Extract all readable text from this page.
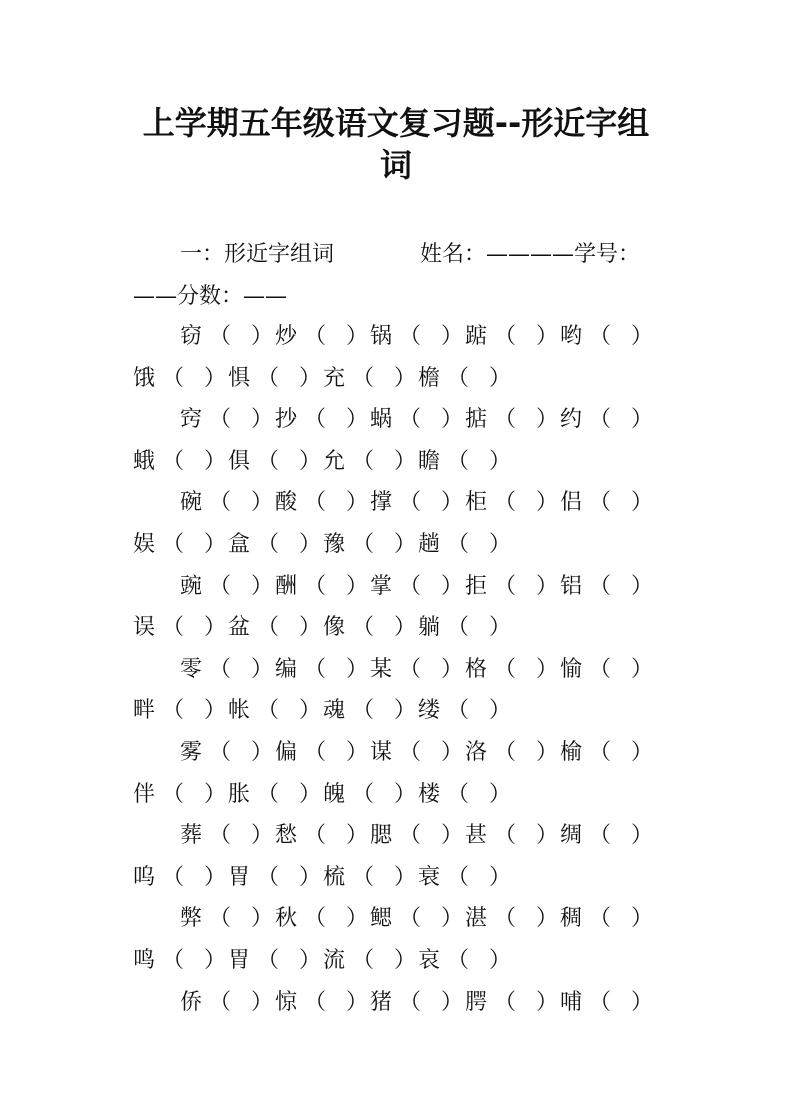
上学期五年级语文复习题--形近字组
词
一：形近字组词	姓名：————学号：
——分数：——
窃 （ ）炒 （ ）锅 （ ）踮 （ ）哟 （ ）
饿 （ ）惧 （ ）充 （ ）檐 （ ）
窍 （ ）抄 （ ）蜗 （ ）掂 （ ）约 （ ）
蛾 （ ）俱 （ ）允 （ ）瞻 （ ）
碗 （ ）酸 （ ）撑 （ ）柜 （ ）侣 （ ）
娱 （ ）盒 （ ）豫 （ ）趟 （ ）
豌 （ ）酬 （ ）掌 （ ）拒 （ ）铝 （ ）
误 （ ）盆 （ ）像 （ ）躺 （ ）
零 （ ）编 （ ）某 （ ）格 （ ）愉 （ ）
畔 （ ）帐 （ ）魂 （ ）缕 （ ）
雾 （ ）偏 （ ）谋 （ ）洛 （ ）榆 （ ）
伴 （ ）胀 （ ）魄 （ ）楼 （ ）
葬 （ ）愁 （ ）腮 （ ）甚 （ ）绸 （ ）
呜 （ ）胃 （ ）梳 （ ）衰 （ ）
弊 （ ）秋 （ ）鳃 （ ）湛 （ ）稠 （ ）
鸣 （ ）胃 （ ）流 （ ）哀 （ ）
侨 （ ）惊 （ ）猪 （ ）腭 （ ）哺 （ ）
